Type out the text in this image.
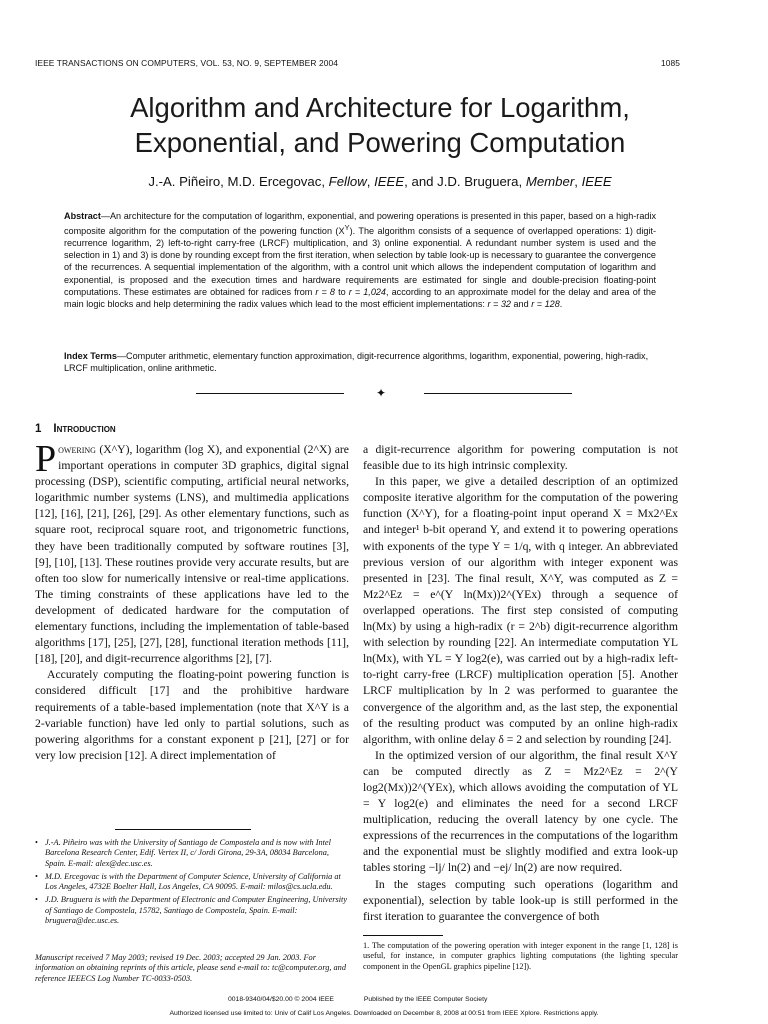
IEEE TRANSACTIONS ON COMPUTERS, VOL. 53, NO. 9, SEPTEMBER 2004	1085
Algorithm and Architecture for Logarithm,
Exponential, and Powering Computation
J.-A. Piñeiro, M.D. Ercegovac, Fellow, IEEE, and J.D. Bruguera, Member, IEEE
Abstract—An architecture for the computation of logarithm, exponential, and powering operations is presented in this paper, based on a high-radix composite algorithm for the computation of the powering function $(X^Y)$. The algorithm consists of a sequence of overlapped operations: 1) digit-recurrence logarithm, 2) left-to-right carry-free (LRCF) multiplication, and 3) online exponential. A redundant number system is used and the selection in 1) and 3) is done by rounding except from the first iteration, when selection by table look-up is necessary to guarantee the convergence of the recurrences. A sequential implementation of the algorithm, with a control unit which allows the independent computation of logarithm and exponential, is proposed and the execution times and hardware requirements are estimated for single and double-precision floating-point computations. These estimates are obtained for radices from r = 8 to r = 1,024, according to an approximate model for the delay and area of the main logic blocks and help determining the radix values which lead to the most efficient implementations: r = 32 and r = 128.
Index Terms—Computer arithmetic, elementary function approximation, digit-recurrence algorithms, logarithm, exponential, powering, high-radix, LRCF multiplication, online arithmetic.
✦
1 Introduction

Powering (X^Y), logarithm (log X), and exponential (2^X) are important operations in computer 3D graphics, digital signal processing (DSP), scientific computing, artificial neural networks, logarithmic number systems (LNS), and multimedia applications [12], [16], [21], [26], [29]. As other elementary functions, such as square root, reciprocal square root, and trigonometric functions, they have been traditionally computed by software routines [3], [9], [10], [13]. These routines provide very accurate results, but are often too slow for numerically intensive or real-time applications. The timing constraints of these applications have led to the development of dedicated hardware for the computation of elementary functions, including the implementation of table-based algorithms [17], [25], [27], [28], functional iteration methods [11], [18], [20], and digit-recurrence algorithms [2], [7].

Accurately computing the floating-point powering function is considered difficult [17] and the prohibitive hardware requirements of a table-based implementation (note that X^Y is a 2-variable function) have led only to partial solutions, such as powering algorithms for a constant exponent p [21], [27] or for very low precision [12]. A direct implementation of

• J.-A. Piñeiro was with the University of Santiago de Compostela and is now with Intel Barcelona Research Center, Edif. Vertex II, c/ Jordi Girona, 29-3A, 08034 Barcelona, Spain. E-mail: alex@dec.usc.es.
• M.D. Ercegovac is with the Department of Computer Science, University of California at Los Angeles, 4732E Boelter Hall, Los Angeles, CA 90095. E-mail: milos@cs.ucla.edu.
• J.D. Bruguera is with the Department of Electronic and Computer Engineering, University of Santiago de Compostela, 15782, Santiago de Compostela, Spain. E-mail: bruguera@dec.usc.es.
Manuscript received 7 May 2003; revised 19 Dec. 2003; accepted 29 Jan. 2003. For information on obtaining reprints of this article, please send e-mail to: tc@computer.org, and reference IEEECS Log Number TC-0033-0503.

a digit-recurrence algorithm for powering computation is not feasible due to its high intrinsic complexity.

In this paper, we give a detailed description of an optimized composite iterative algorithm for the computation of the powering function (X^Y), for a floating-point input operand X = Mx2^Ex and integer¹ b-bit operand Y, and extend it to powering operations with exponents of the type Y = 1/q, with q integer. An abbreviated previous version of our algorithm with integer exponent was presented in [23]. The final result, X^Y, was computed as Z = Mz2^Ez = e^(Y ln(Mx))2^(YEx) through a sequence of overlapped operations. The first step consisted of computing ln(Mx) by using a high-radix (r = 2^b) digit-recurrence algorithm with selection by rounding [22]. An intermediate computation YL ln(Mx), with YL = Y log2(e), was carried out by a high-radix left-to-right carry-free (LRCF) multiplication operation [5]. Another LRCF multiplication by ln 2 was performed to guarantee the convergence of the algorithm and, as the last step, the exponential of the resulting product was computed by an online high-radix algorithm, with online delay δ = 2 and selection by rounding [24].

In the optimized version of our algorithm, the final result X^Y can be computed directly as Z = Mz2^Ez = 2^(Y log2(Mx))2^(YEx), which allows avoiding the computation of YL = Y log2(e) and eliminates the need for a second LRCF multiplication, reducing the overall latency by one cycle. The expressions of the recurrences in the computations of the logarithm and the exponential must be slightly modified and extra look-up tables storing −lj/ ln(2) and −ej/ ln(2) are now required.

In the stages computing such operations (logarithm and exponential), selection by table look-up is still performed in the first iteration to guarantee the convergence of both

1. The computation of the powering operation with integer exponent in the range [1, 128] is useful, for instance, in computer graphics lighting computations (the lighting specular component in the OpenGL graphics pipeline [12]).
0018-9340/04/$20.00 © 2004 IEEE	Published by the IEEE Computer Society
Authorized licensed use limited to: Univ of Calif Los Angeles. Downloaded on December 8, 2008 at 00:51 from IEEE Xplore. Restrictions apply.
